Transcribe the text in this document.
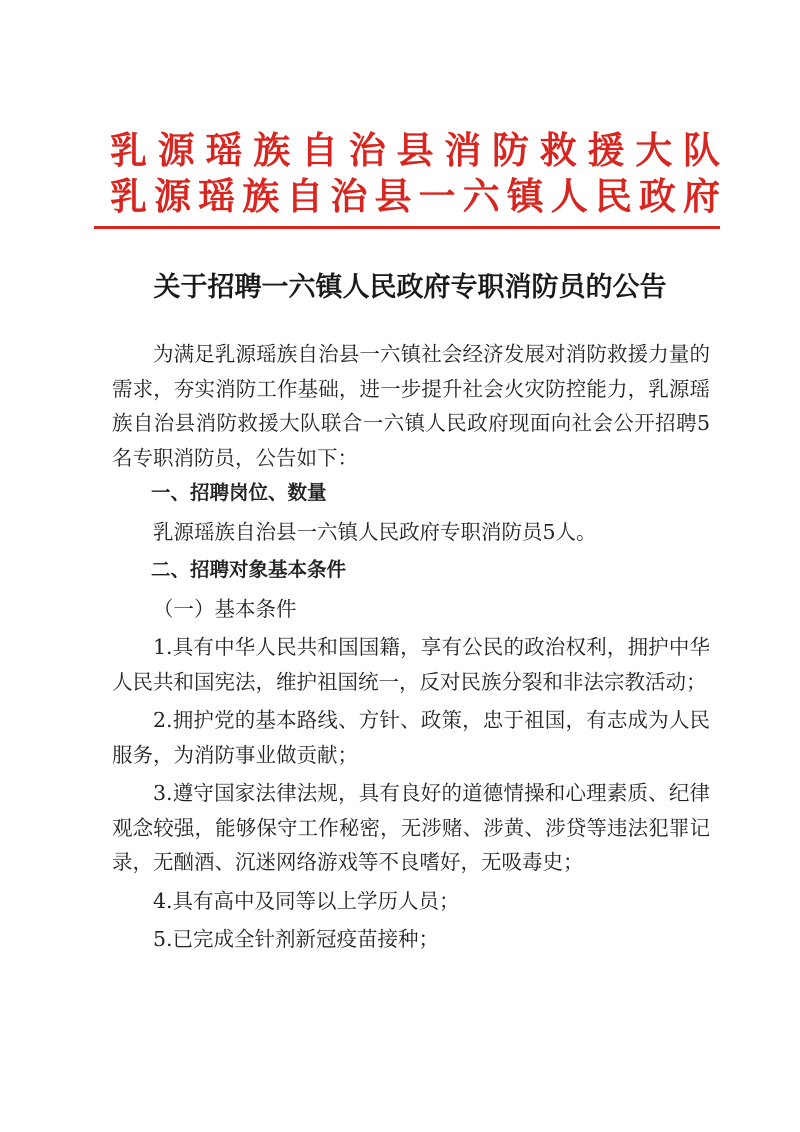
乳源瑶族自治县消防救援大队
乳源瑶族自治县一六镇人民政府
关于招聘一六镇人民政府专职消防员的公告

为满足乳源瑶族自治县一六镇社会经济发展对消防救援力量的需求，夯实消防工作基础，进一步提升社会火灾防控能力，乳源瑶族自治县消防救援大队联合一六镇人民政府现面向社会公开招聘5名专职消防员，公告如下：

一、招聘岗位、数量

乳源瑶族自治县一六镇人民政府专职消防员5人。

二、招聘对象基本条件

（一）基本条件

1.具有中华人民共和国国籍，享有公民的政治权利，拥护中华人民共和国宪法，维护祖国统一，反对民族分裂和非法宗教活动；

2.拥护党的基本路线、方针、政策，忠于祖国，有志成为人民服务，为消防事业做贡献；

3.遵守国家法律法规，具有良好的道德情操和心理素质、纪律观念较强，能够保守工作秘密，无涉赌、涉黄、涉贷等违法犯罪记录，无酗酒、沉迷网络游戏等不良嗜好，无吸毒史；

4.具有高中及同等以上学历人员；

5.已完成全针剂新冠疫苗接种；
